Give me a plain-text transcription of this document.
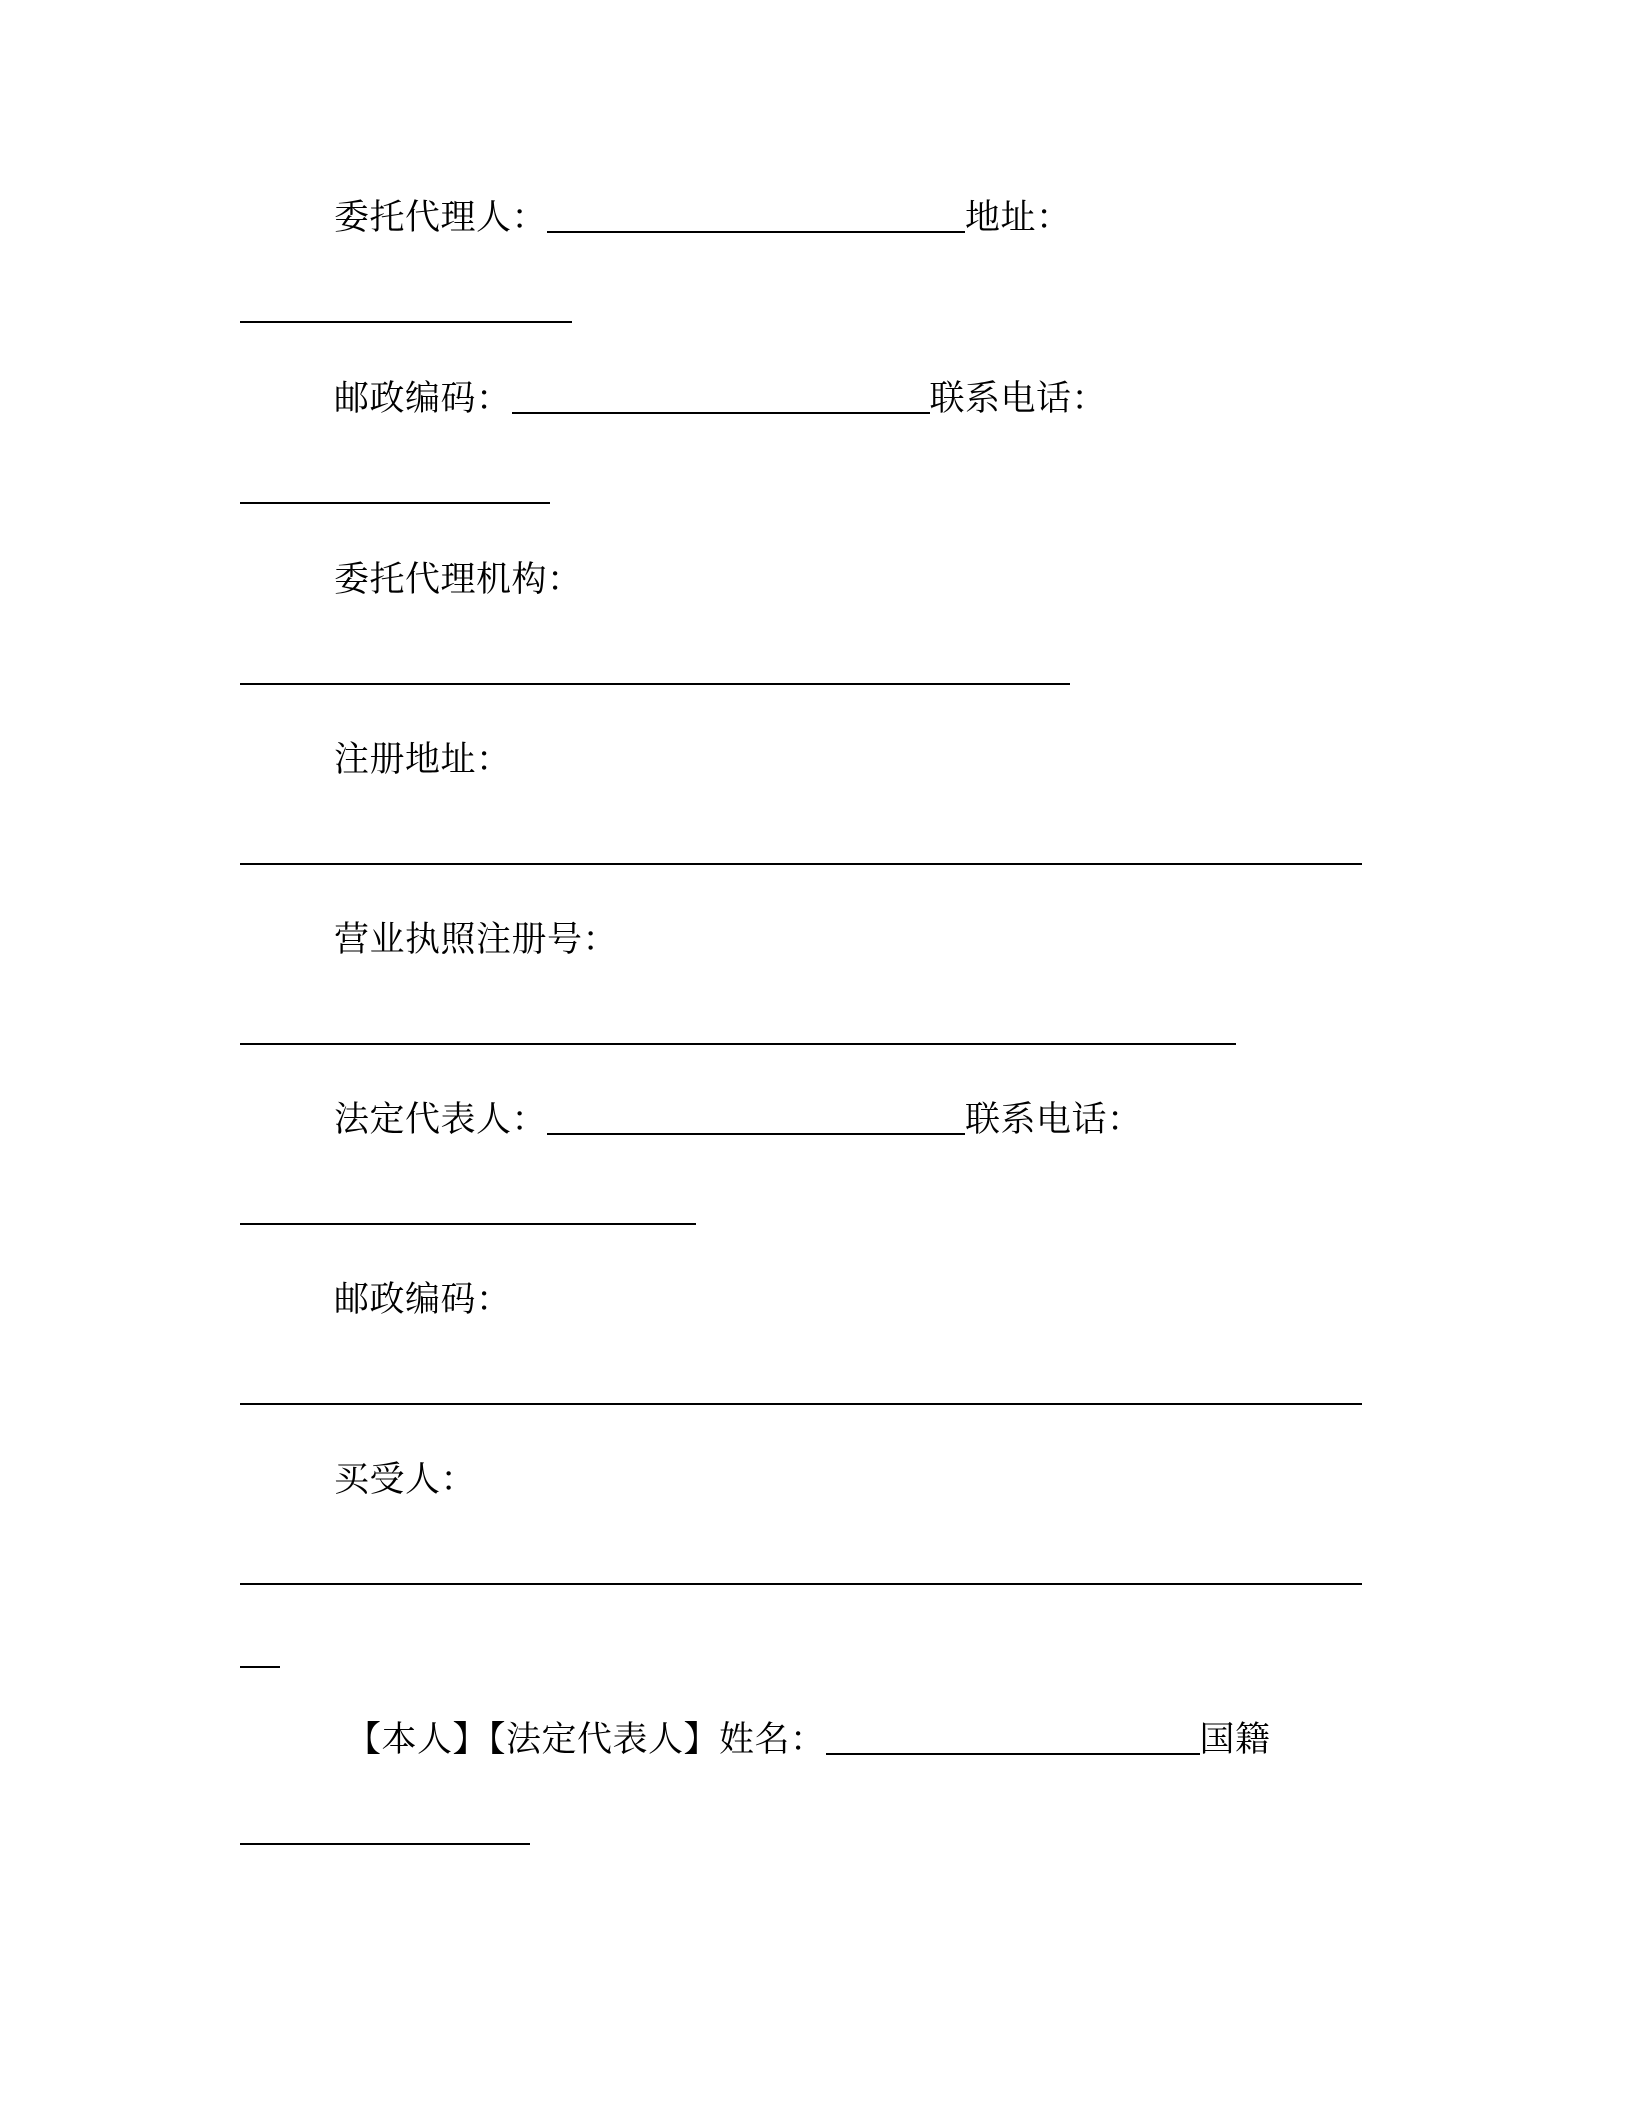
委托代理人：	地址：
邮政编码：	联系电话：
委托代理机构：
注册地址：
营业执照注册号：
法定代表人：	联系电话：
邮政编码：
买受人：
【本人】【法定代表人】姓名：	国籍
